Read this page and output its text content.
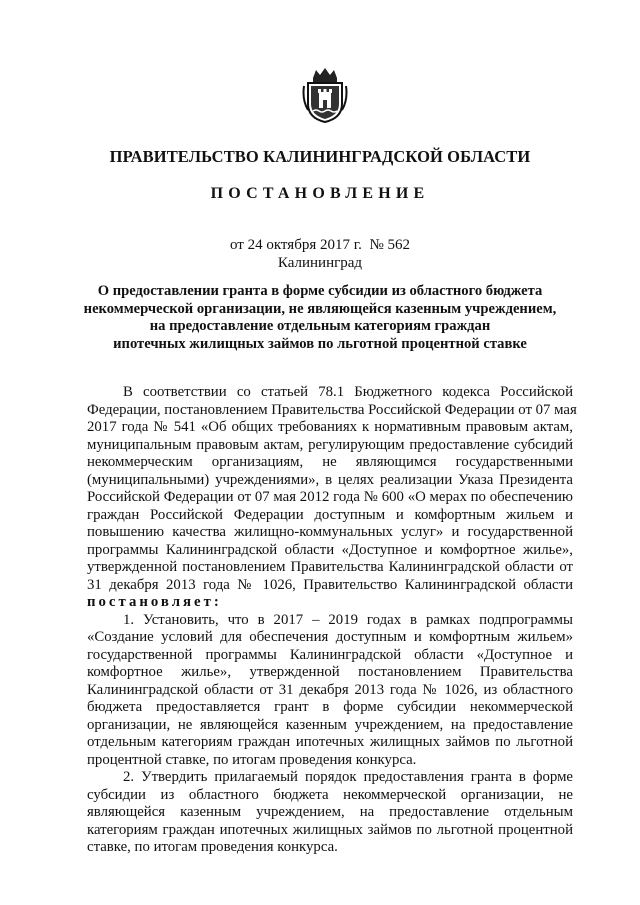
ПРАВИТЕЛЬСТВО КАЛИНИНГРАДСКОЙ ОБЛАСТИ
ПОСТАНОВЛЕНИЕ
от 24 октября 2017 г. № 562
Калининград
О предоставлении гранта в форме субсидии из областного бюджета
некоммерческой организации, не являющейся казенным учреждением,
на предоставление отдельным категориям граждан
ипотечных жилищных займов по льготной процентной ставке
В соответствии со статьей 78.1 Бюджетного кодекса Российской
Федерации, постановлением Правительства Российской Федерации от 07 мая
2017 года № 541 «Об общих требованиях к нормативным правовым актам,
муниципальным правовым актам, регулирующим предоставление субсидий
некоммерческим организациям, не являющимся государственными
(муниципальными) учреждениями», в целях реализации Указа Президента
Российской Федерации от 07 мая 2012 года № 600 «О мерах по обеспечению
граждан Российской Федерации доступным и комфортным жильем и
повышению качества жилищно-коммунальных услуг» и государственной
программы Калининградской области «Доступное и комфортное жилье»,
утвержденной постановлением Правительства Калининградской области от
31 декабря 2013 года № 1026, Правительство Калининградской области
постановляет:
1. Установить, что в 2017 – 2019 годах в рамках подпрограммы
«Создание условий для обеспечения доступным и комфортным жильем»
государственной программы Калининградской области «Доступное и
комфортное жилье», утвержденной постановлением Правительства
Калининградской области от 31 декабря 2013 года № 1026, из областного
бюджета предоставляется грант в форме субсидии некоммерческой
организации, не являющейся казенным учреждением, на предоставление
отдельным категориям граждан ипотечных жилищных займов по льготной
процентной ставке, по итогам проведения конкурса.
2. Утвердить прилагаемый порядок предоставления гранта в форме
субсидии из областного бюджета некоммерческой организации, не
являющейся казенным учреждением, на предоставление отдельным
категориям граждан ипотечных жилищных займов по льготной процентной
ставке, по итогам проведения конкурса.
